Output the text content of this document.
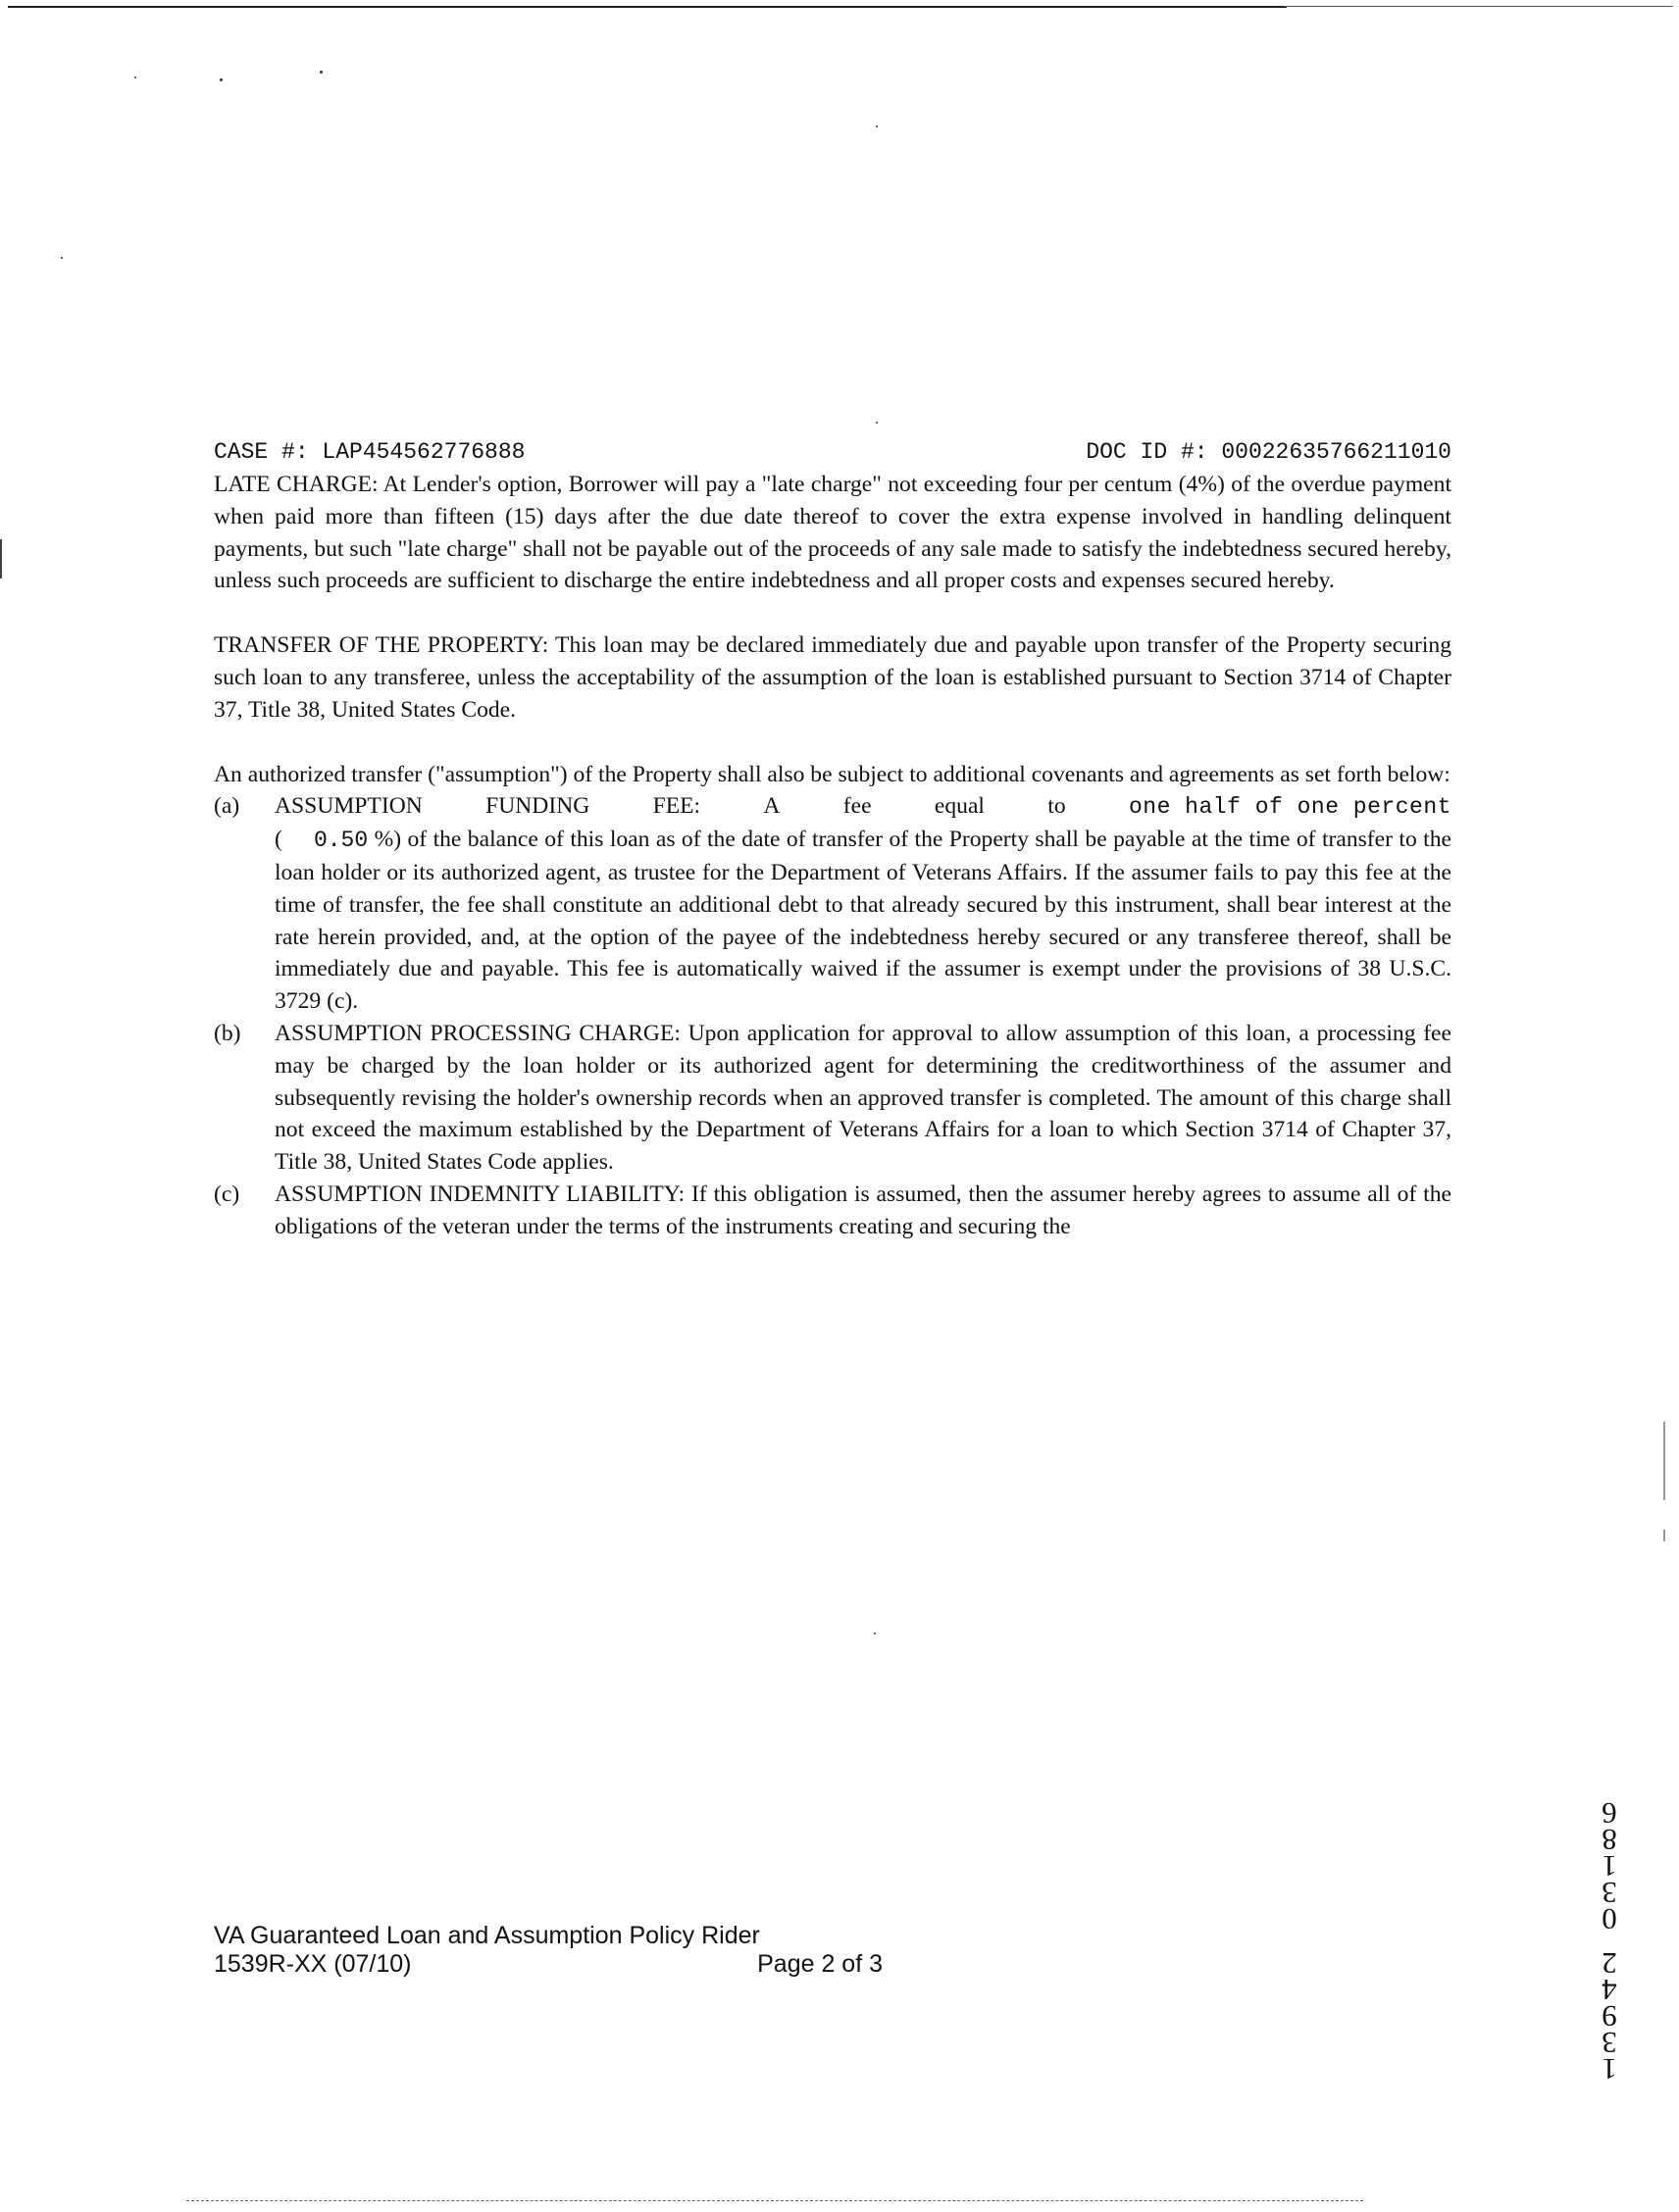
CASE #: LAP454562776888	DOC ID #: 00022635766211010

LATE CHARGE: At Lender's option, Borrower will pay a "late charge" not exceeding four per centum (4%) of the overdue payment when paid more than fifteen (15) days after the due date thereof to cover the extra expense involved in handling delinquent payments, but such "late charge" shall not be payable out of the proceeds of any sale made to satisfy the indebtedness secured hereby, unless such proceeds are sufficient to discharge the entire indebtedness and all proper costs and expenses secured hereby.

TRANSFER OF THE PROPERTY: This loan may be declared immediately due and payable upon transfer of the Property securing such loan to any transferee, unless the acceptability of the assumption of the loan is established pursuant to Section 3714 of Chapter 37, Title 38, United States Code.

An authorized transfer ("assumption") of the Property shall also be subject to additional covenants and agreements as set forth below:

(a) ASSUMPTION	FUNDING	FEE:	A	fee	equal	to	one half of one percent
( 0.50 %) of the balance of this loan as of the date of transfer of the Property shall be payable at the time of transfer to the loan holder or its authorized agent, as trustee for the Department of Veterans Affairs. If the assumer fails to pay this fee at the time of transfer, the fee shall constitute an additional debt to that already secured by this instrument, shall bear interest at the rate herein provided, and, at the option of the payee of the indebtedness hereby secured or any transferee thereof, shall be immediately due and payable. This fee is automatically waived if the assumer is exempt under the provisions of 38 U.S.C. 3729 (c).
(b) ASSUMPTION PROCESSING CHARGE: Upon application for approval to allow assumption of this loan, a processing fee may be charged by the loan holder or its authorized agent for determining the creditworthiness of the assumer and subsequently revising the holder's ownership records when an approved transfer is completed. The amount of this charge shall not exceed the maximum established by the Department of Veterans Affairs for a loan to which Section 3714 of Chapter 37, Title 38, United States Code applies.
(c) ASSUMPTION INDEMNITY LIABILITY: If this obligation is assumed, then the assumer hereby agrees to assume all of the obligations of the veteran under the terms of the instruments creating and securing the
1
3
9
4
2
0
3
1
8
6
VA Guaranteed Loan and Assumption Policy Rider
1539R-XX (07/10)	Page 2 of 3
